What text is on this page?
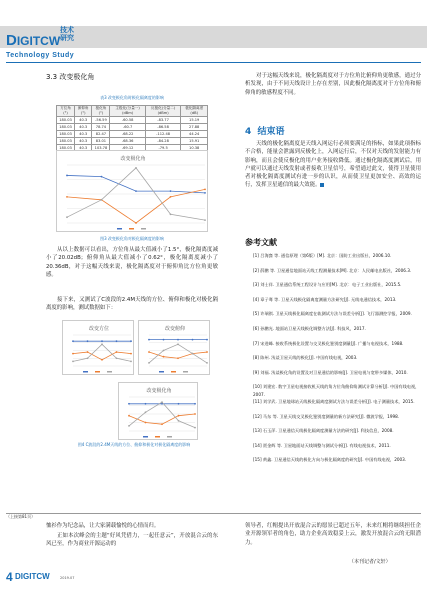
DIGITCW
技术
研究
Technology Study
3.3 改变极化角
表3 改变极化角时极化隔离度的影响
方位角(°)	俯仰角(°)	极化角(°)	主极化(分量一)(dBm)	反极化(分量二)(dBm)	极化隔离度(dB)
180.03	40.3	-56.59	-60.58	-83.77	15.19
180.03	40.3	78.74	-60.7	-86.58	27.88
180.03	40.3	82.47	-68.22	-112.48	44.24
180.03	40.3	83.01	-68.36	-84.28	15.91
180.03	40.3	103.78	-69.12	-79.5	10.38
改变极化角
图3 改变极化角对极化隔离度的影响
从以上数据可以看出，方位角从最大值减小了1.5°，极化隔离度减小了20.02dB；俯仰角从最大值减小了0.62°，极化隔离度减小了20.36dB，对于这幅天线来说，极化隔离度对于俯仰角比方位角更敏感。
接下来，又测试了C波段的2.4M天线的方位、俯仰和极化对极化隔离度的影响，测试数据如下：
改变方位	改变俯仰
改变极化角
图4 C波段的2.4M天线的方位、俯仰和极化对极化隔离度的影响
对于这幅天线来说，极化隔离度对于方位角比俯仰角更敏感，通过分析发现，由于不同天线设计上存在差别，因此极化隔离度对于方位角和俯仰角的敏感程度不同。
4 结束语
天线的极化隔离度是天线入网运行必须要满足的指标，如果此项指标不合格，能量会泄露到反极化上，入网运行后，不仅对天线的发射能力有影响，而且会使反极化的用户业务接收降低。通过极化隔离度测试后，用户就可以通过天线发射或者接收卫星信号，希望通过此文，使得卫星使用者对极化隔离度测试有进一步的认识，从而使卫星更加安全、高效的运行，发挥卫星通信的最大效能。
参考文献
[1] 吕海寰 等. 通信原理（第6版）[M]. 北京：国防工业出版社，2006.10.
[2] 薛鹏 等. 卫星通信地面站天线工程测量技术[M]. 北京：人民邮电出版社，2006.3.
[3] 刘士祥. 卫星通信系统工程设计与应用[M]. 北京：电子工业出版社，2015.5.
[4] 章子骞 等. 卫星天线极化隔离度测量方法研究[J]. 无线电通信技术，2013.
[5] 许瑞祺. 卫星天线极化隔离度在轨测试方法与误差分析[J]. 飞行器测控学报，2009.
[6] 孙鹏光. 地面站卫星天线极化调整方法[J]. 科技风，2017.
[7] 宋进峰. 接收系统极化设置与交叉极化鉴别度测量[J]. 广播与电视技术，1988.
[8] 陈州. 浅谈卫星天线的极化[J]. 中国有线电视，2003.
[9] 刘福. 浅谈极化角的设置及对卫星通信的影响[J]. 卫星电视与宽带多媒体，2010.
[10] 刘建宏. 数字卫星电视接收机天线的角方位角俯仰角测试计算分析[J]. 中国有线电视，2007.
[11] 刘学武. 卫星地球站天线极化隔离度测试方法与误差分析[J]. 电子测量技术，2015.
[12] 马东 等. 卫星天线交叉极化鉴别度测量的新方法研究[J]. 微波学报，1998.
[13] 石玉萍. 卫星通信天线极化隔离度测量方法的研究[J]. 科技信息，2008.
[14] 贾金辉 等. 卫星地面站天线调整与测试分析[J]. 有线电视技术，2011.
[15] 黄鑫. 卫星通信天线的极化方向与极化隔离度的研究[J]. 中国有线电视，2003.
（上接第81页）
恤衫作为纪念品，让大家满载愉悦的心情而归。
正如本次峰会的主题“好风凭借力，一起任意云”，开放混合云的东风已至，作为商业开源运动的
领导者，红帽提出开放混合云的愿景已超过五年，未来红帽将继续担任企业开源领军者的角色，助力企业高效稳妥上云，激发开放混合云的无限潜力。
（本刊记者/文轩）
4 DIGITCW	2019.07
